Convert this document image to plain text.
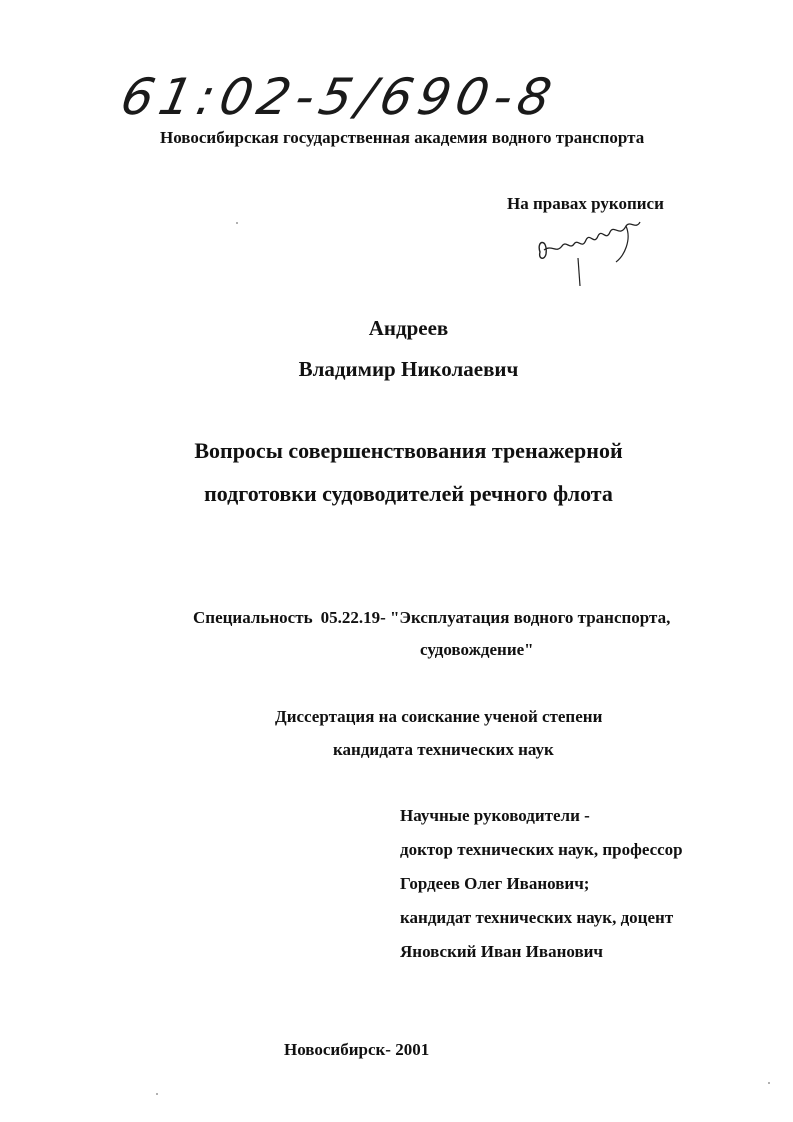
61:02-5/690-8
Новосибирская государственная академия водного транспорта
На правах рукописи
Андреев
Владимир Николаевич
Вопросы совершенствования тренажерной
подготовки судоводителей речного флота
Специальность 05.22.19- "Эксплуатация водного транспорта,
судовождение"
Диссертация на соискание ученой степени
кандидата технических наук
Научные руководители -
доктор технических наук, профессор
Гордеев Олег Иванович;
кандидат технических наук, доцент
Яновский Иван Иванович
Новосибирск- 2001
